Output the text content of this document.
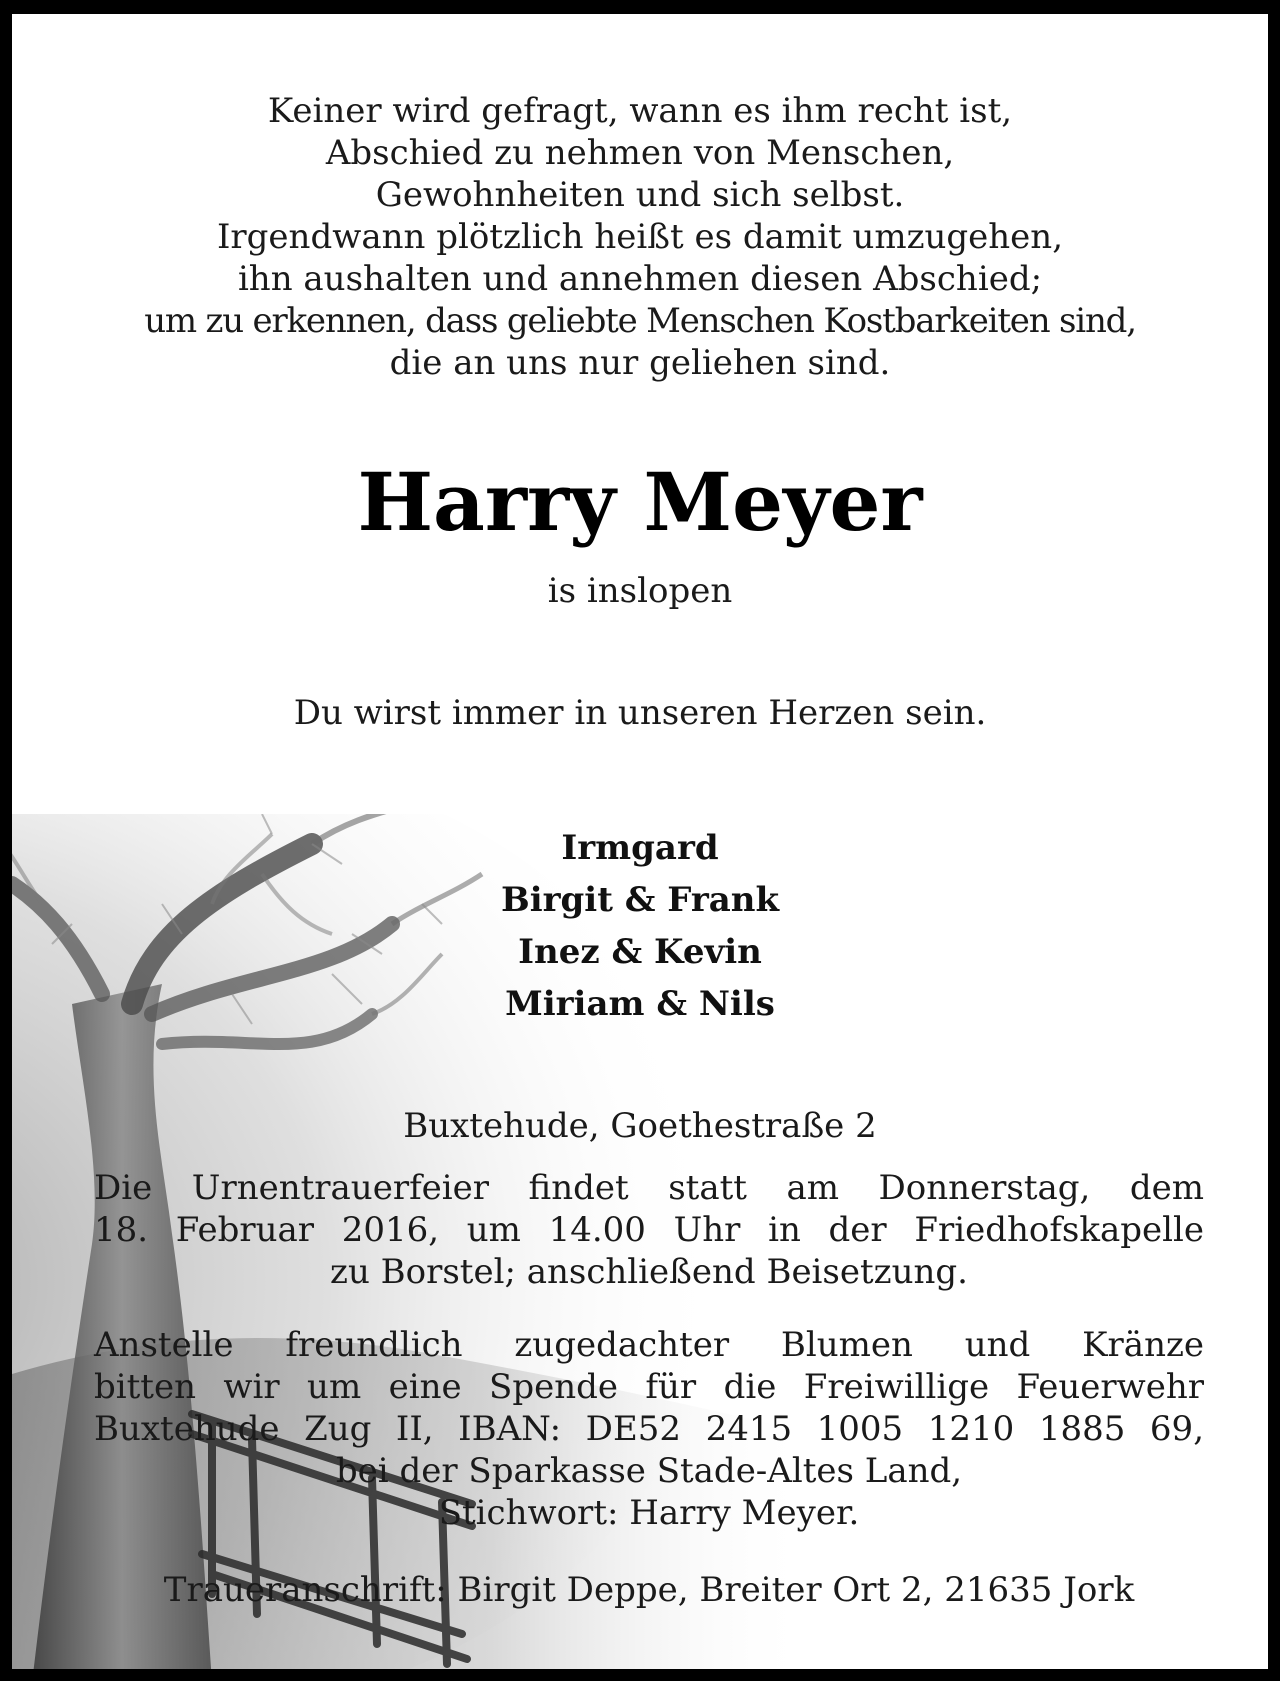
Keiner wird gefragt, wann es ihm recht ist,
Abschied zu nehmen von Menschen,
Gewohnheiten und sich selbst.
Irgendwann plötzlich heißt es damit umzugehen,
ihn aushalten und annehmen diesen Abschied;
um zu erkennen, dass geliebte Menschen Kostbarkeiten sind,
die an uns nur geliehen sind.
Harry Meyer
is inslopen
Du wirst immer in unseren Herzen sein.
Irmgard
Birgit & Frank
Inez & Kevin
Miriam & Nils
Buxtehude, Goethestraße 2
Die Urnentrauerfeier findet statt am Donnerstag, dem
18. Februar 2016, um 14.00 Uhr in der Friedhofskapelle
zu Borstel; anschließend Beisetzung.
Anstelle freundlich zugedachter Blumen und Kränze
bitten wir um eine Spende für die Freiwillige Feuerwehr
Buxtehude Zug II, IBAN: DE52 2415 1005 1210 1885 69,
bei der Sparkasse Stade-Altes Land,
Stichwort: Harry Meyer.
Traueranschrift: Birgit Deppe, Breiter Ort 2, 21635 Jork
